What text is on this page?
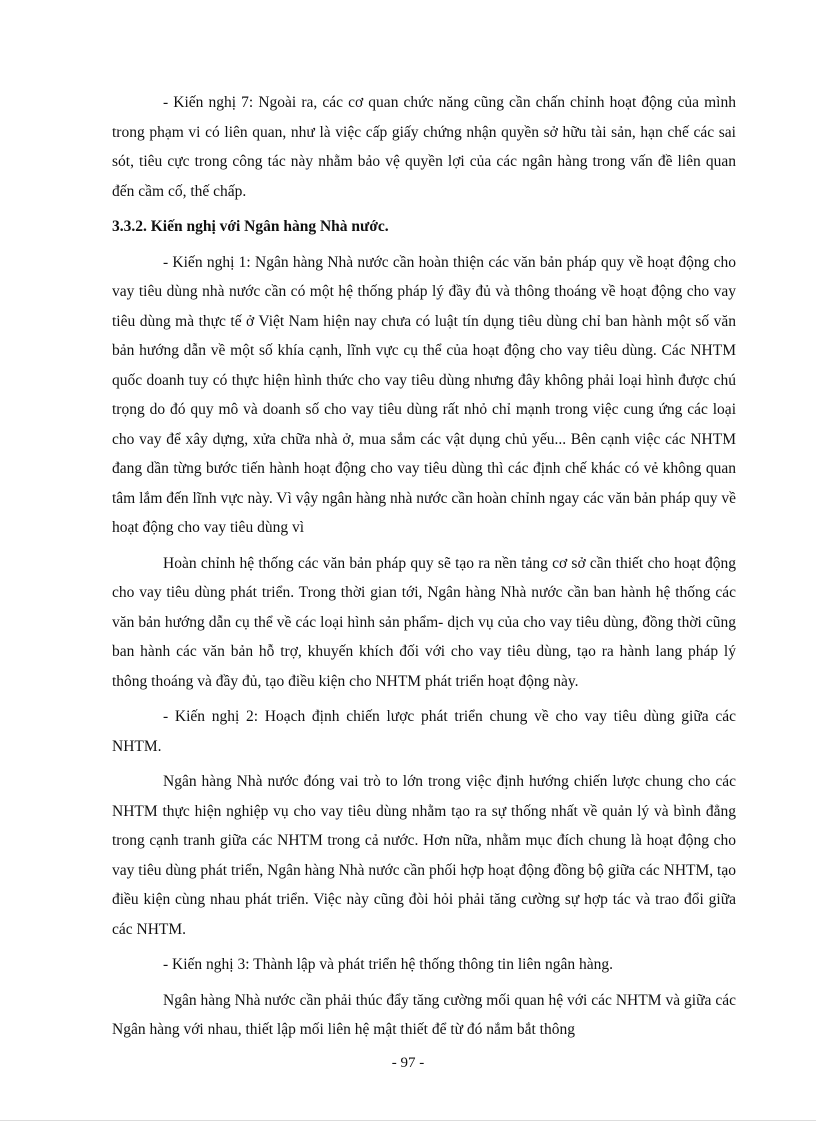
- Kiến nghị 7: Ngoài ra, các cơ quan chức năng cũng cần chấn chỉnh hoạt động của mình trong phạm vi có liên quan, như là việc cấp giấy chứng nhận quyền sở hữu tài sản, hạn chế các sai sót, tiêu cực trong công tác này nhằm bảo vệ quyền lợi của các ngân hàng trong vấn đề liên quan đến cầm cố, thế chấp.

3.3.2. Kiến nghị với Ngân hàng Nhà nước.

- Kiến nghị 1: Ngân hàng Nhà nước cần hoàn thiện các văn bản pháp quy về hoạt động cho vay tiêu dùng nhà nước cần có một hệ thống pháp lý đầy đủ và thông thoáng về hoạt động cho vay tiêu dùng mà thực tế ở Việt Nam hiện nay chưa có luật tín dụng tiêu dùng chỉ ban hành một số văn bản hướng dẫn về một số khía cạnh, lĩnh vực cụ thể của hoạt động cho vay tiêu dùng. Các NHTM quốc doanh tuy có thực hiện hình thức cho vay tiêu dùng nhưng đây không phải loại hình được chú trọng do đó quy mô và doanh số cho vay tiêu dùng rất nhỏ chỉ mạnh trong việc cung ứng các loại cho vay để xây dựng, xửa chữa nhà ở, mua sắm các vật dụng chủ yếu... Bên cạnh việc các NHTM đang dần từng bước tiến hành hoạt động cho vay tiêu dùng thì các định chế khác có vẻ không quan tâm lắm đến lĩnh vực này. Vì vậy ngân hàng nhà nước cần hoàn chỉnh ngay các văn bản pháp quy về hoạt động cho vay tiêu dùng vì

Hoàn chỉnh hệ thống các văn bản pháp quy sẽ tạo ra nền tảng cơ sở cần thiết cho hoạt động cho vay tiêu dùng phát triển. Trong thời gian tới, Ngân hàng Nhà nước cần ban hành hệ thống các văn bản hướng dẫn cụ thể về các loại hình sản phẩm- dịch vụ của cho vay tiêu dùng, đồng thời cũng ban hành các văn bản hỗ trợ, khuyến khích đối với cho vay tiêu dùng, tạo ra hành lang pháp lý thông thoáng và đầy đủ, tạo điều kiện cho NHTM phát triển hoạt động này.

- Kiến nghị 2: Hoạch định chiến lược phát triển chung về cho vay tiêu dùng giữa các NHTM.

Ngân hàng Nhà nước đóng vai trò to lớn trong việc định hướng chiến lược chung cho các NHTM thực hiện nghiệp vụ cho vay tiêu dùng nhằm tạo ra sự thống nhất về quản lý và bình đẳng trong cạnh tranh giữa các NHTM trong cả nước. Hơn nữa, nhằm mục đích chung là hoạt động cho vay tiêu dùng phát triển, Ngân hàng Nhà nước cần phối hợp hoạt động đồng bộ giữa các NHTM, tạo điều kiện cùng nhau phát triển. Việc này cũng đòi hỏi phải tăng cường sự hợp tác và trao đổi giữa các NHTM.

- Kiến nghị 3: Thành lập và phát triển hệ thống thông tin liên ngân hàng.

Ngân hàng Nhà nước cần phải thúc đẩy tăng cường mối quan hệ với các NHTM và giữa các Ngân hàng với nhau, thiết lập mối liên hệ mật thiết để từ đó nắm bắt thông

- 97 -
